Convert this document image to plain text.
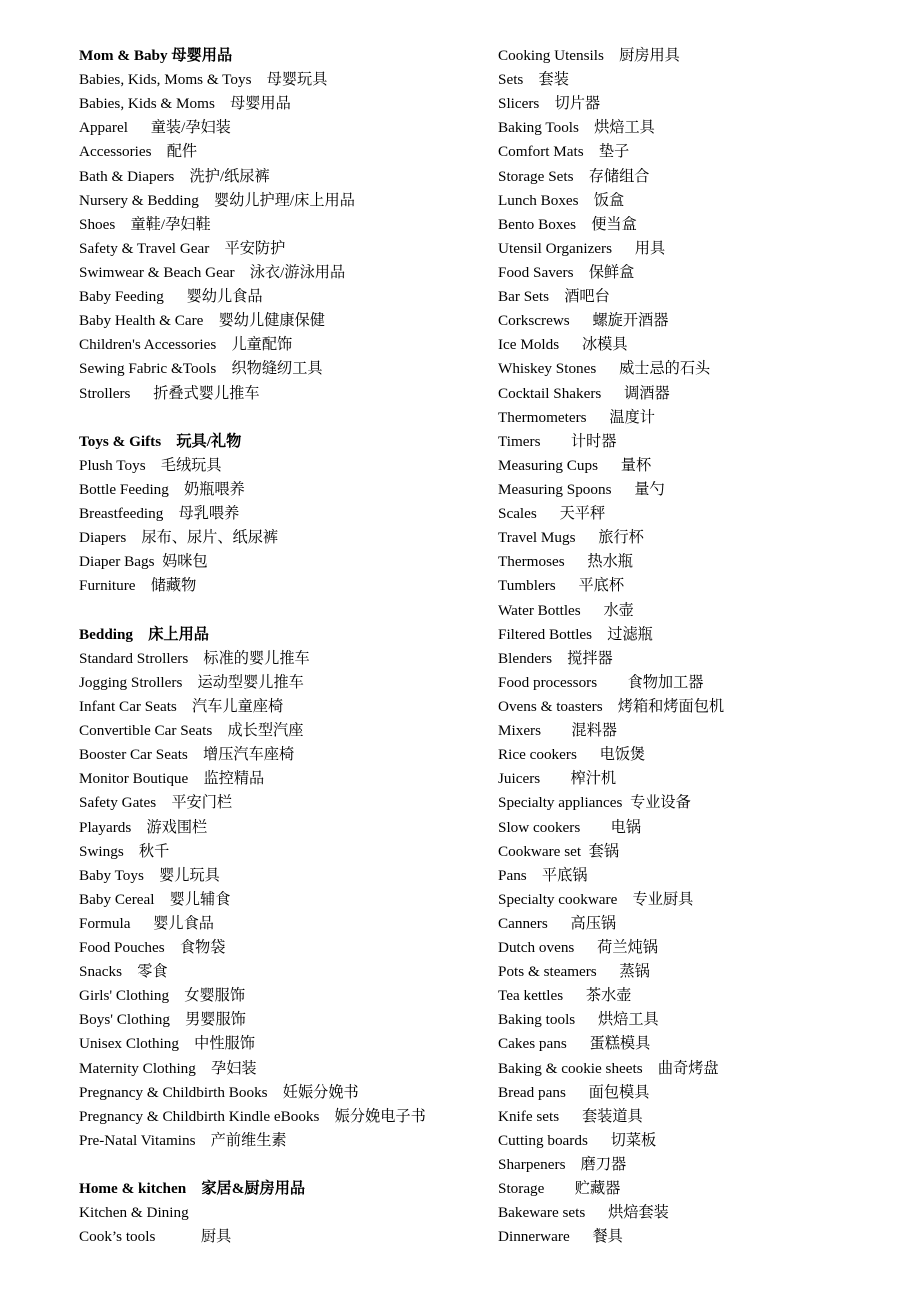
Mom & Baby 母婴用品
Babies, Kids, Moms & Toys    母婴玩具
Babies, Kids & Moms    母婴用品
Apparel      童装/孕妇装
Accessories    配件
Bath & Diapers    洗护/纸尿裤
Nursery & Bedding    婴幼儿护理/床上用品
Shoes    童鞋/孕妇鞋
Safety & Travel Gear    平安防护
Swimwear & Beach Gear    泳衣/游泳用品
Baby Feeding      婴幼儿食品
Baby Health & Care    婴幼儿健康保健
Children's Accessories    儿童配饰
Sewing Fabric &Tools    织物缝纫工具
Strollers      折叠式婴儿推车
Toys & Gifts    玩具/礼物
Plush Toys    毛绒玩具
Bottle Feeding    奶瓶喂养
Breastfeeding    母乳喂养
Diapers    尿布、尿片、纸尿裤
Diaper Bags  妈咪包
Furniture    储藏物
Bedding    床上用品
Standard Strollers    标准的婴儿推车
Jogging Strollers    运动型婴儿推车
Infant Car Seats    汽车儿童座椅
Convertible Car Seats    成长型汽座
Booster Car Seats    增压汽车座椅
Monitor Boutique    监控精品
Safety Gates    平安门栏
Playards    游戏围栏
Swings    秋千
Baby Toys    婴儿玩具
Baby Cereal    婴儿辅食
Formula      婴儿食品
Food Pouches    食物袋
Snacks    零食
Girls' Clothing    女婴服饰
Boys' Clothing    男婴服饰
Unisex Clothing    中性服饰
Maternity Clothing    孕妇装
Pregnancy & Childbirth Books    妊娠分娩书
Pregnancy & Childbirth Kindle eBooks    娠分娩电子书
Pre-Natal Vitamins    产前维生素
Home & kitchen    家居&厨房用品
Kitchen & Dining
Cook’s tools            厨具
Cooking Utensils    厨房用具
Sets    套装
Slicers    切片器
Baking Tools    烘焙工具
Comfort Mats    垫子
Storage Sets    存储组合
Lunch Boxes    饭盒
Bento Boxes    便当盒
Utensil Organizers      用具
Food Savers    保鲜盒
Bar Sets    酒吧台
Corkscrews      螺旋开酒器
Ice Molds      冰模具
Whiskey Stones      威士忌的石头
Cocktail Shakers      调酒器
Thermometers      温度计
Timers        计时器
Measuring Cups      量杯
Measuring Spoons      量勺
Scales      天平秤
Travel Mugs      旅行杯
Thermoses      热水瓶
Tumblers      平底杯
Water Bottles      水壶
Filtered Bottles    过滤瓶
Blenders    搅拌器
Food processors        食物加工器
Ovens & toasters    烤箱和烤面包机
Mixers        混料器
Rice cookers      电饭煲
Juicers        榨汁机
Specialty appliances  专业设备
Slow cookers        电锅
Cookware set  套锅
Pans    平底锅
Specialty cookware    专业厨具
Canners      高压锅
Dutch ovens      荷兰炖锅
Pots & steamers      蒸锅
Tea kettles      茶水壶
Baking tools      烘焙工具
Cakes pans      蛋糕模具
Baking & cookie sheets    曲奇烤盘
Bread pans      面包模具
Knife sets      套装道具
Cutting boards      切菜板
Sharpeners    磨刀器
Storage        贮藏器
Bakeware sets      烘焙套装
Dinnerware      餐具
